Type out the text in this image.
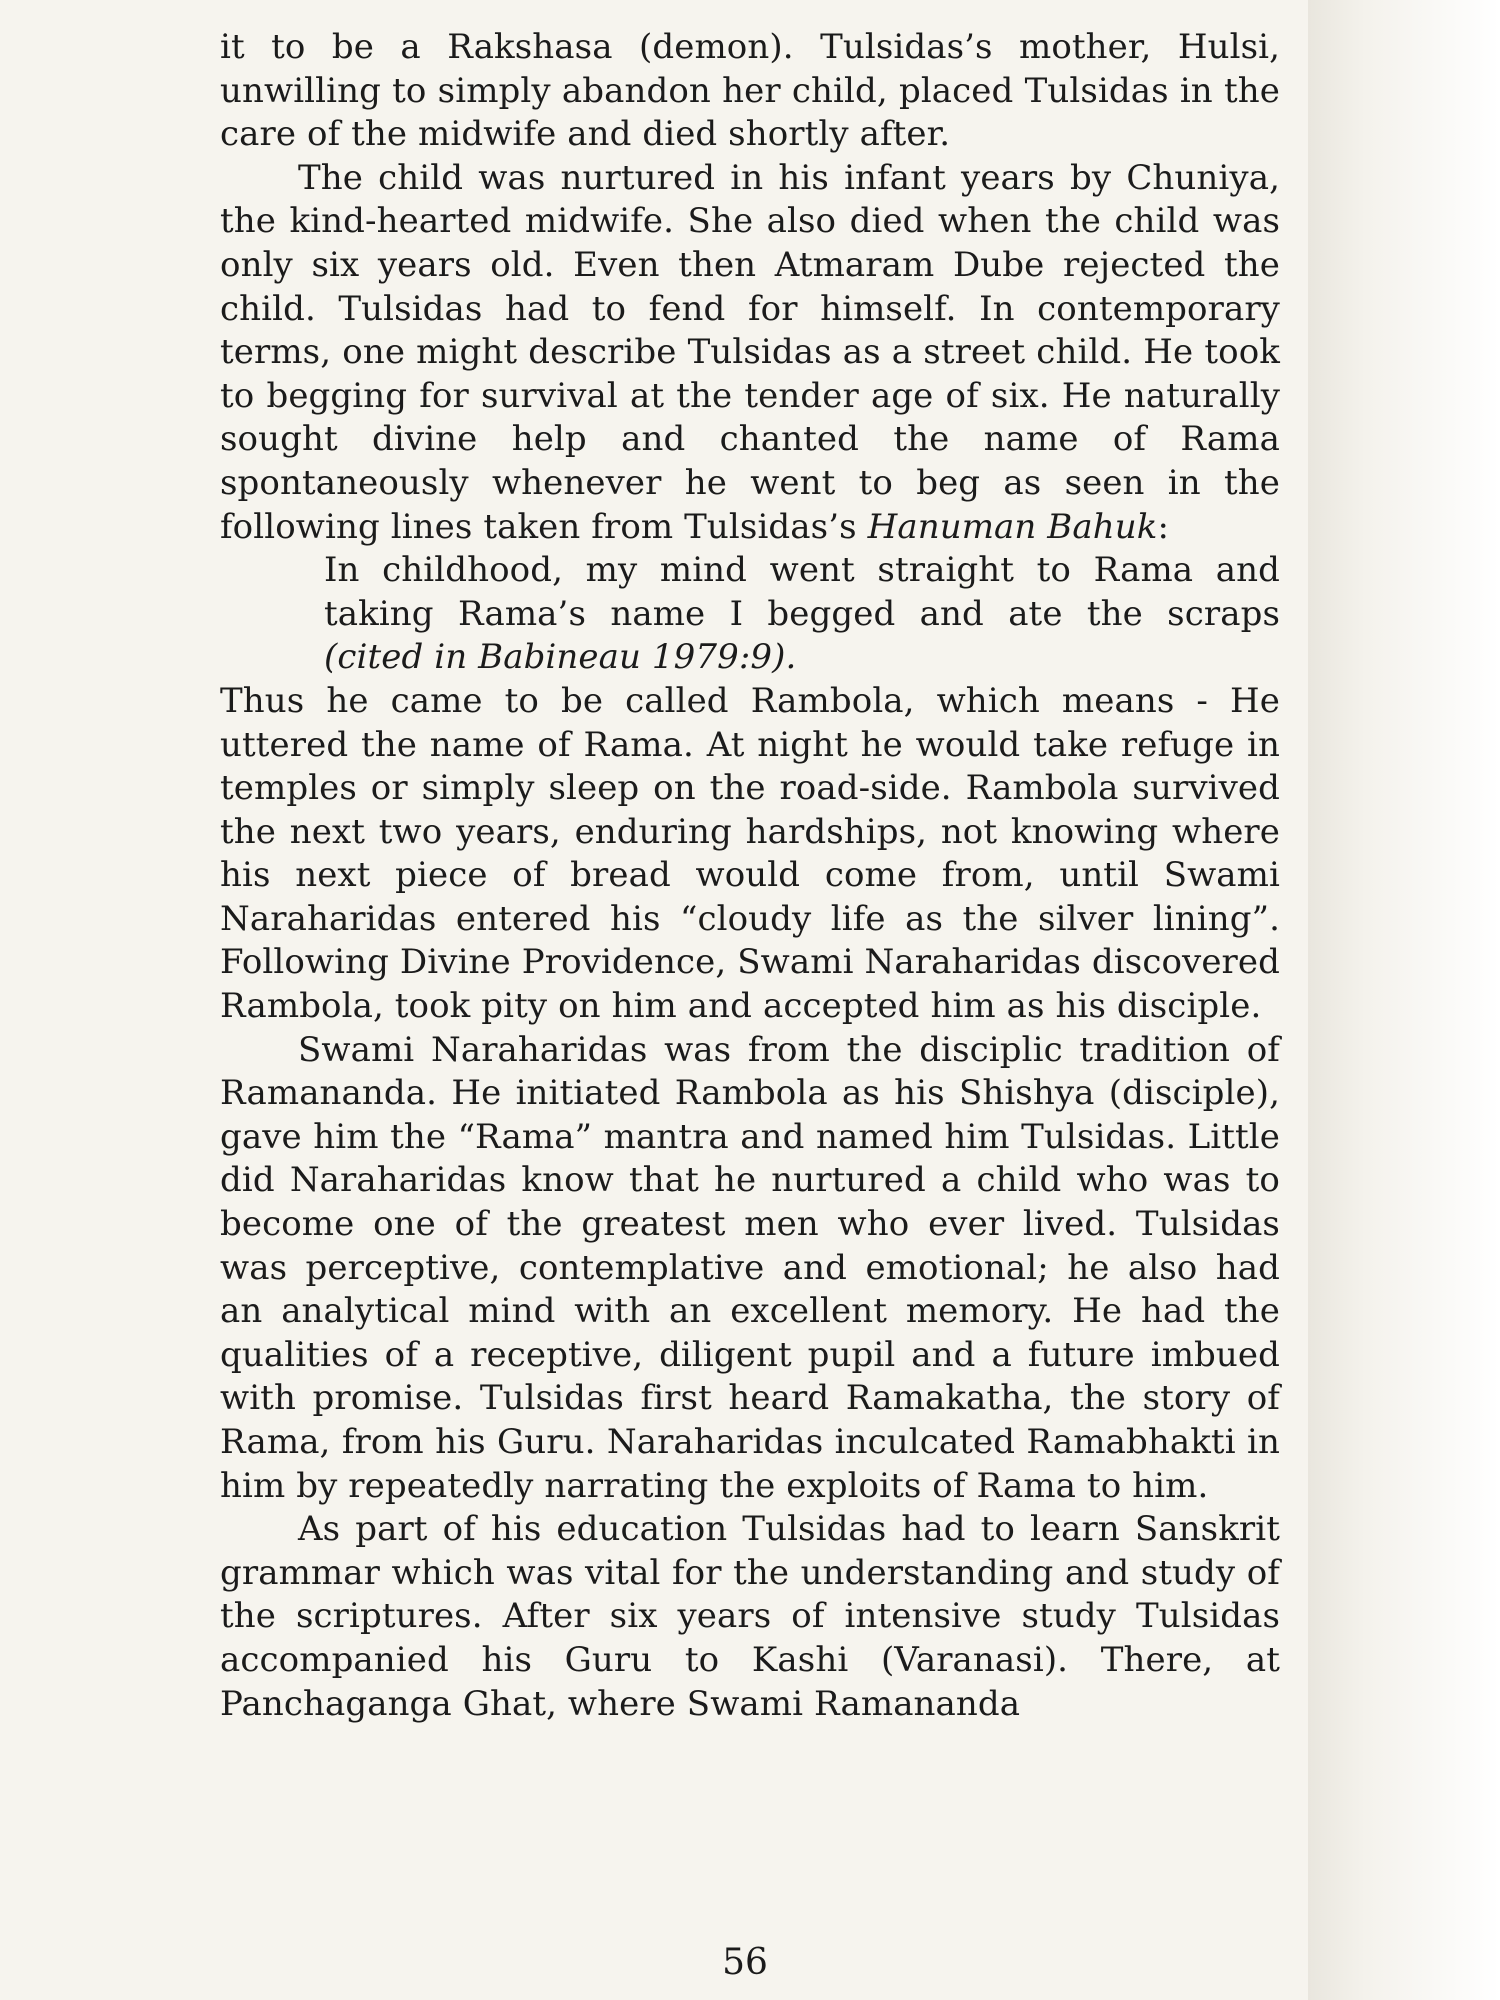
it to be a Rakshasa (demon). Tulsidas’s mother, Hulsi, unwilling to simply abandon her child, placed Tulsidas in the care of the midwife and died shortly after.

The child was nurtured in his infant years by Chuniya, the kind-hearted midwife. She also died when the child was only six years old. Even then Atmaram Dube rejected the child. Tulsidas had to fend for himself. In contemporary terms, one might describe Tulsidas as a street child. He took to begging for survival at the tender age of six. He naturally sought divine help and chanted the name of Rama spontaneously whenever he went to beg as seen in the following lines taken from Tulsidas’s Hanuman Bahuk:

In childhood, my mind went straight to Rama and taking Rama’s name I begged and ate the scraps (cited in Babineau 1979:9).

Thus he came to be called Rambola, which means - He uttered the name of Rama. At night he would take refuge in temples or simply sleep on the road-side. Rambola survived the next two years, enduring hardships, not knowing where his next piece of bread would come from, until Swami Naraharidas entered his “cloudy life as the silver lining”. Following Divine Providence, Swami Naraharidas discovered Rambola, took pity on him and accepted him as his disciple.

Swami Naraharidas was from the disciplic tradition of Ramananda. He initiated Rambola as his Shishya (disciple), gave him the “Rama” mantra and named him Tulsidas. Little did Naraharidas know that he nurtured a child who was to become one of the greatest men who ever lived. Tulsidas was perceptive, contemplative and emotional; he also had an analytical mind with an excellent memory. He had the qualities of a receptive, diligent pupil and a future imbued with promise. Tulsidas first heard Ramakatha, the story of Rama, from his Guru. Naraharidas inculcated Ramabhakti in him by repeatedly narrating the exploits of Rama to him.

As part of his education Tulsidas had to learn Sanskrit grammar which was vital for the understanding and study of the scriptures. After six years of intensive study Tulsidas accompanied his Guru to Kashi (Varanasi). There, at Panchaganga Ghat, where Swami Ramananda

56
